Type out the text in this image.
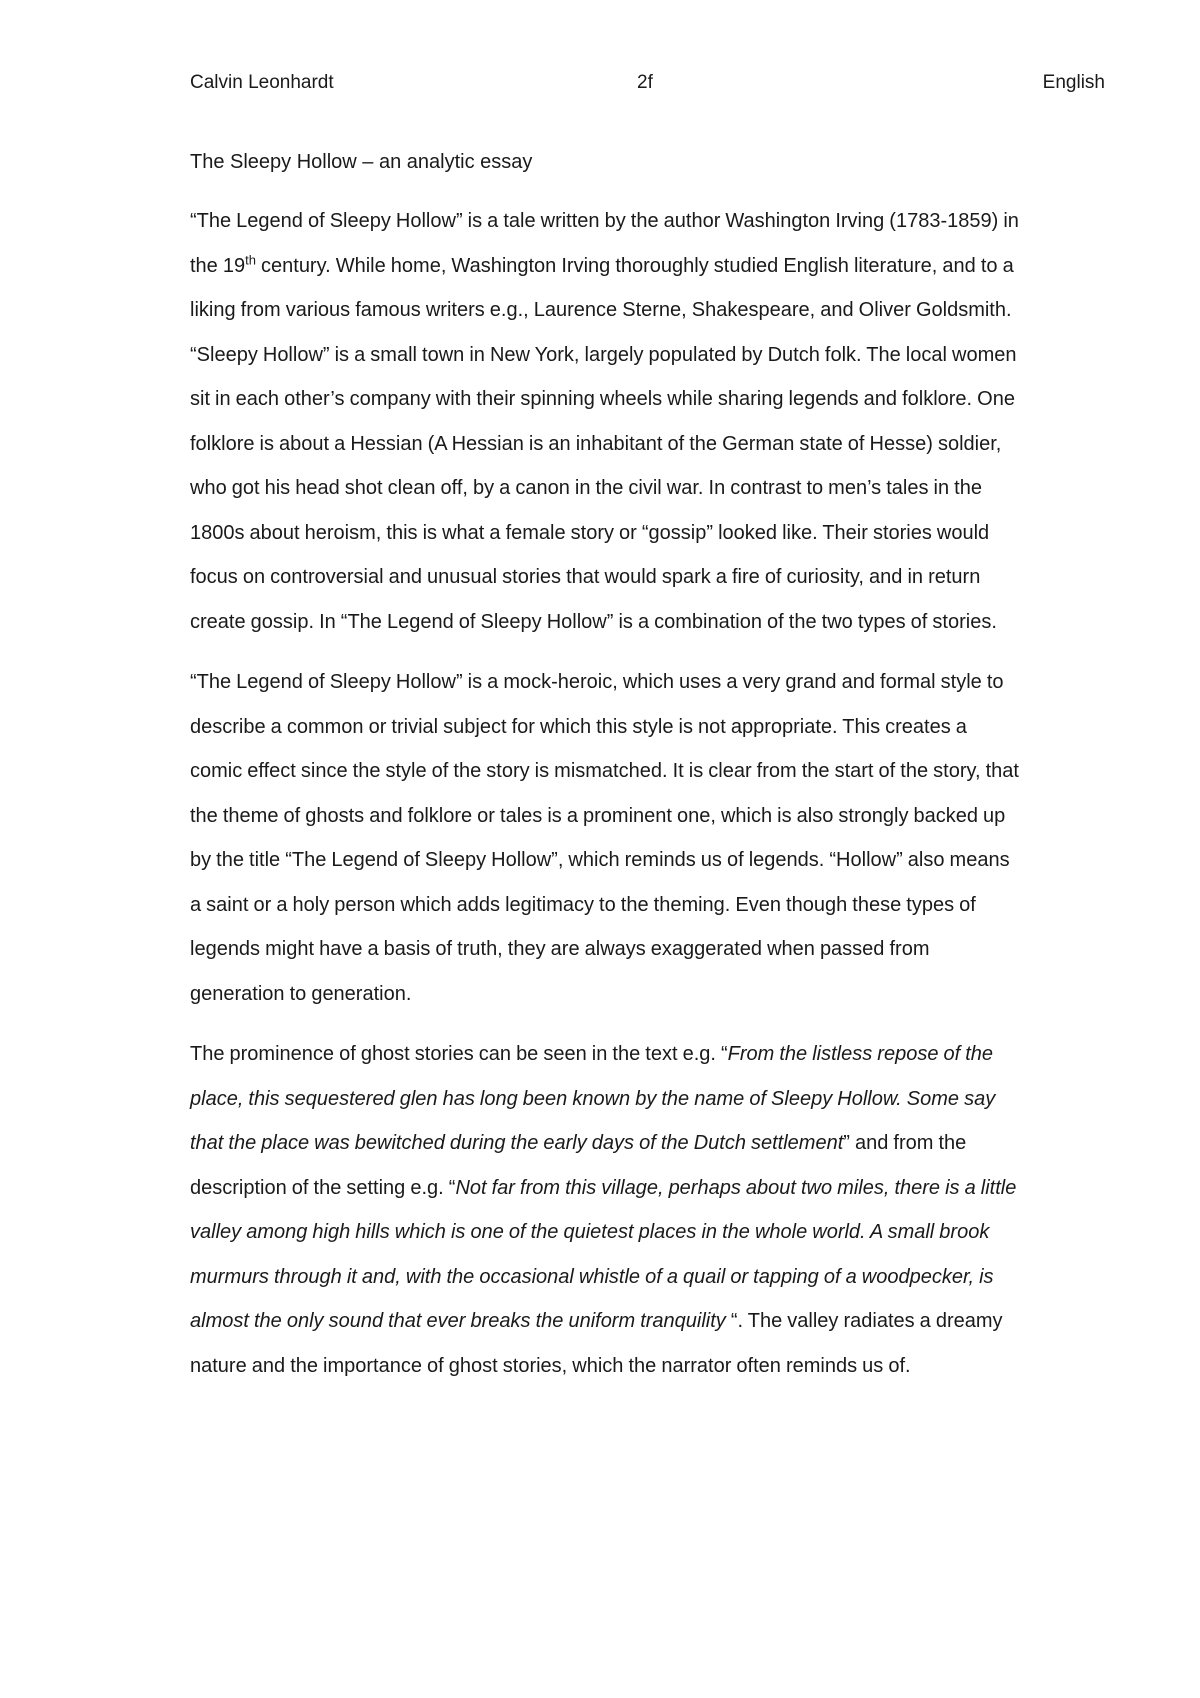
Calvin Leonhardt	2f	English

The Sleepy Hollow – an analytic essay

“The Legend of Sleepy Hollow” is a tale written by the author Washington Irving (1783-1859) in the 19th century. While home, Washington Irving thoroughly studied English literature, and to a liking from various famous writers e.g., Laurence Sterne, Shakespeare, and Oliver Goldsmith. “Sleepy Hollow” is a small town in New York, largely populated by Dutch folk. The local women sit in each other’s company with their spinning wheels while sharing legends and folklore. One folklore is about a Hessian (A Hessian is an inhabitant of the German state of Hesse) soldier, who got his head shot clean off, by a canon in the civil war. In contrast to men’s tales in the 1800s about heroism, this is what a female story or “gossip” looked like. Their stories would focus on controversial and unusual stories that would spark a fire of curiosity, and in return create gossip. In “The Legend of Sleepy Hollow” is a combination of the two types of stories.

“The Legend of Sleepy Hollow” is a mock-heroic, which uses a very grand and formal style to describe a common or trivial subject for which this style is not appropriate. This creates a comic effect since the style of the story is mismatched. It is clear from the start of the story, that the theme of ghosts and folklore or tales is a prominent one, which is also strongly backed up by the title “The Legend of Sleepy Hollow”, which reminds us of legends. “Hollow” also means a saint or a holy person which adds legitimacy to the theming. Even though these types of legends might have a basis of truth, they are always exaggerated when passed from generation to generation.

The prominence of ghost stories can be seen in the text e.g. “From the listless repose of the place, this sequestered glen has long been known by the name of Sleepy Hollow. Some say that the place was bewitched during the early days of the Dutch settlement” and from the description of the setting e.g. “Not far from this village, perhaps about two miles, there is a little valley among high hills which is one of the quietest places in the whole world. A small brook murmurs through it and, with the occasional whistle of a quail or tapping of a woodpecker, is almost the only sound that ever breaks the uniform tranquility “. The valley radiates a dreamy nature and the importance of ghost stories, which the narrator often reminds us of.
